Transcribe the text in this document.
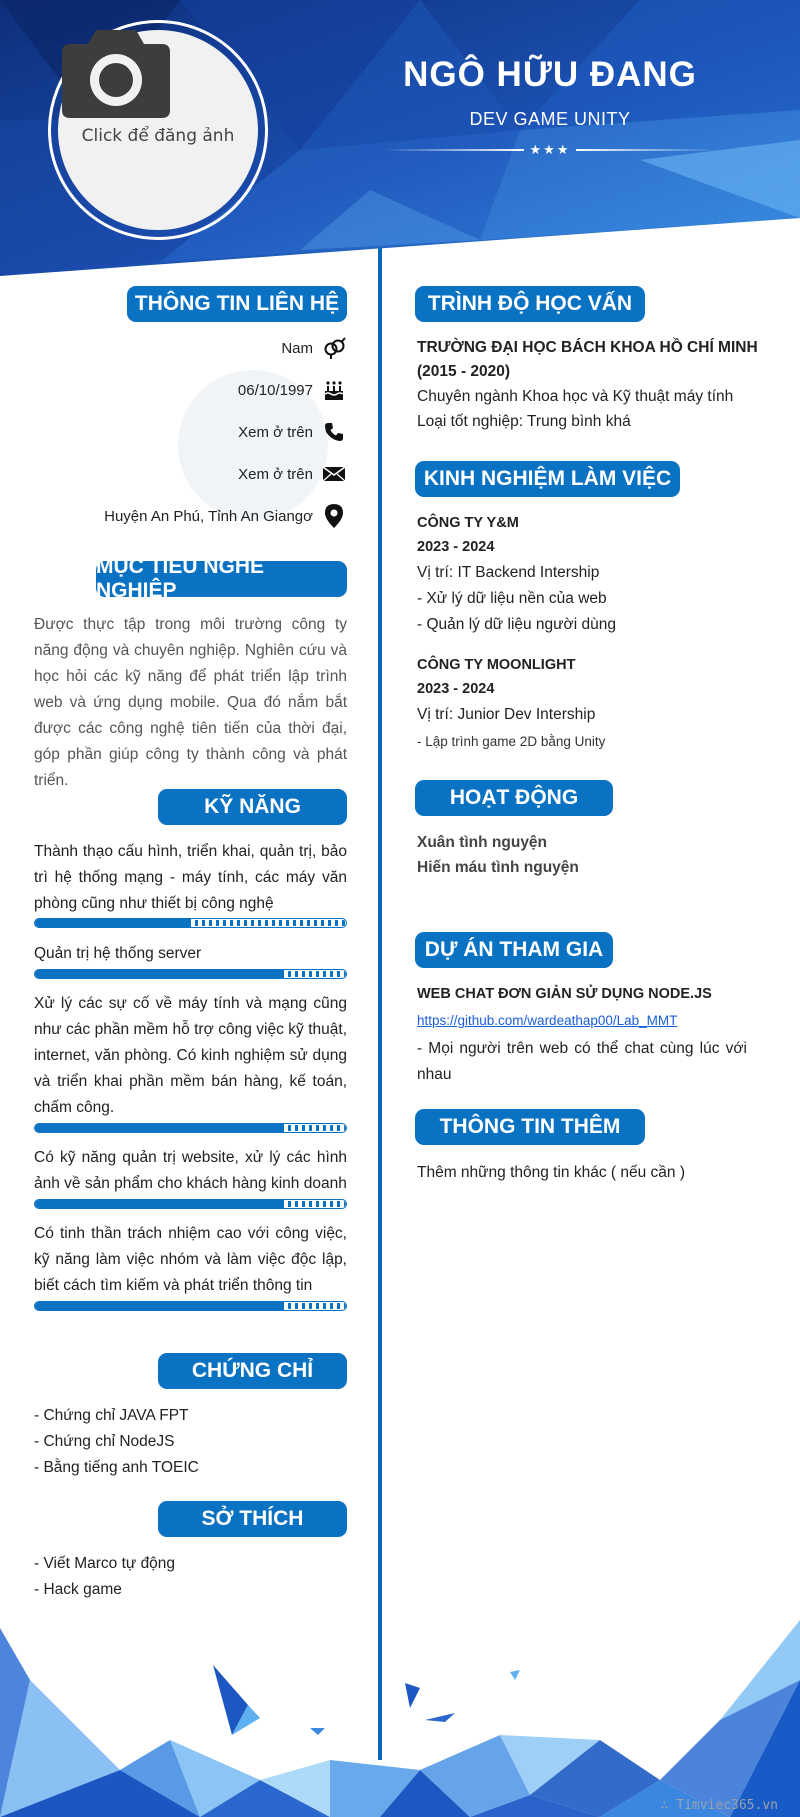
Click để đăng ảnh
NGÔ HỮU ĐANG
DEV GAME UNITY
★★★
THÔNG TIN LIÊN HỆ
Nam
06/10/1997
Xem ở trên
Xem ở trên
Huyện An Phú, Tỉnh An Giangơ
MỤC TIÊU NGHỀ NGHIỆP
Được thực tập trong môi trường công ty năng động và chuyên nghiệp. Nghiên cứu và học hỏi các kỹ năng để phát triển lập trình web và ứng dụng mobile. Qua đó nắm bắt được các công nghệ tiên tiến của thời đại, góp phần giúp công ty thành công và phát triển.
KỸ NĂNG
Thành thạo cấu hình, triển khai, quản trị, bảo trì hệ thống mạng - máy tính, các máy văn phòng cũng như thiết bị công nghệ
Quản trị hệ thống server
Xử lý các sự cố về máy tính và mạng cũng như các phần mềm hỗ trợ công việc kỹ thuật, internet, văn phòng. Có kinh nghiệm sử dụng và triển khai phần mềm bán hàng, kế toán, chấm công.
Có kỹ năng quản trị website, xử lý các hình ảnh về sản phẩm cho khách hàng kinh doanh
Có tinh thần trách nhiệm cao với công việc, kỹ năng làm việc nhóm và làm việc độc lập, biết cách tìm kiếm và phát triển thông tin
CHỨNG CHỈ
- Chứng chỉ JAVA FPT
- Chứng chỉ NodeJS
- Bằng tiếng anh TOEIC
SỞ THÍCH
- Viết Marco tự động
- Hack game
TRÌNH ĐỘ HỌC VẤN
TRƯỜNG ĐẠI HỌC BÁCH KHOA HỒ CHÍ MINH
(2015 - 2020)
Chuyên ngành Khoa học và Kỹ thuật máy tính
Loại tốt nghiệp: Trung bình khá
KINH NGHIỆM LÀM VIỆC
CÔNG TY Y&M
2023 - 2024
Vị trí: IT Backend Intership
- Xử lý dữ liệu nền của web
- Quản lý dữ liệu người dùng
CÔNG TY MOONLIGHT
2023 - 2024
Vị trí: Junior Dev Intership
- Lập trình game 2D bằng Unity
HOẠT ĐỘNG
Xuân tình nguyện
Hiến máu tình nguyện
DỰ ÁN THAM GIA
WEB CHAT ĐƠN GIẢN SỬ DỤNG NODE.JS
https://github.com/wardeathap00/Lab_MMT
- Mọi người trên web có thể chat cùng lúc với nhau
THÔNG TIN THÊM
Thêm những thông tin khác ( nếu cần )
∴ Timviec365.vn
